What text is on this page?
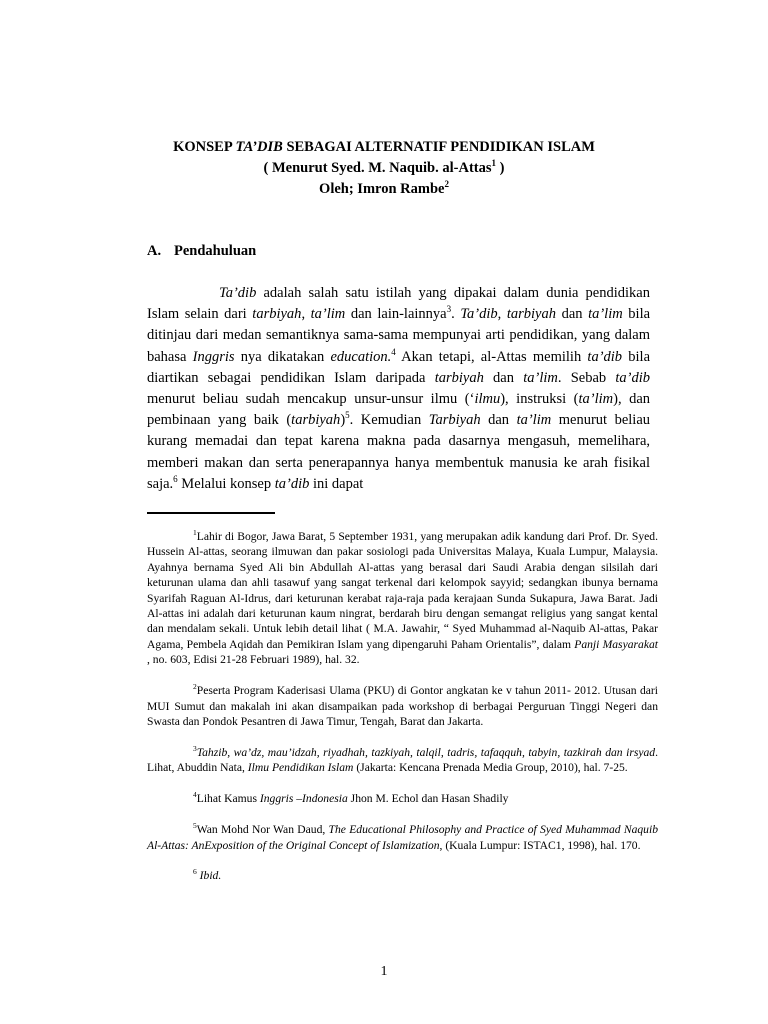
KONSEP TA’DIB SEBAGAI ALTERNATIF PENDIDIKAN ISLAM
( Menurut Syed. M. Naquib. al-Attas$^1$ )
Oleh; Imron Rambe$^2$
A. Pendahuluan

Ta’dib adalah salah satu istilah yang dipakai dalam dunia pendidikan Islam selain dari tarbiyah, ta’lim dan lain-lainnya$^3$. Ta’dib, tarbiyah dan ta’lim bila ditinjau dari medan semantiknya sama-sama mempunyai arti pendidikan, yang dalam bahasa Inggris nya dikatakan education.$^4$ Akan tetapi, al-Attas memilih ta’dib bila diartikan sebagai pendidikan Islam daripada tarbiyah dan ta’lim. Sebab ta’dib menurut beliau sudah mencakup unsur-unsur ilmu (‘ilmu), instruksi (ta’lim), dan pembinaan yang baik (tarbiyah)$^5$. Kemudian Tarbiyah dan ta’lim menurut beliau kurang memadai dan tepat karena makna pada dasarnya mengasuh, memelihara, memberi makan dan serta penerapannya hanya membentuk manusia ke arah fisikal saja.$^6$ Melalui konsep ta’dib ini dapat

$^1$Lahir di Bogor, Jawa Barat, 5 September 1931, yang merupakan adik kandung dari Prof. Dr. Syed. Hussein Al-attas, seorang ilmuwan dan pakar sosiologi pada Universitas Malaya, Kuala Lumpur, Malaysia. Ayahnya bernama Syed Ali bin Abdullah Al-attas yang berasal dari Saudi Arabia dengan silsilah dari keturunan ulama dan ahli tasawuf yang sangat terkenal dari kelompok sayyid; sedangkan ibunya bernama Syarifah Raguan Al-Idrus, dari keturunan kerabat raja-raja pada kerajaan Sunda Sukapura, Jawa Barat. Jadi Al-attas ini adalah dari keturunan kaum ningrat, berdarah biru dengan semangat religius yang sangat kental dan mendalam sekali. Untuk lebih detail lihat ( M.A. Jawahir, “ Syed Muhammad al-Naquib Al-attas, Pakar Agama, Pembela Aqidah dan Pemikiran Islam yang dipengaruhi Paham Orientalis”, dalam Panji Masyarakat , no. 603, Edisi 21-28 Februari 1989), hal. 32.

$^2$Peserta Program Kaderisasi Ulama (PKU) di Gontor angkatan ke v tahun 2011- 2012. Utusan dari MUI Sumut dan makalah ini akan disampaikan pada workshop di berbagai Perguruan Tinggi Negeri dan Swasta dan Pondok Pesantren di Jawa Timur, Tengah, Barat dan Jakarta.

$^3$Tahzib, wa’dz, mau’idzah, riyadhah, tazkiyah, talqil, tadris, tafaqquh, tabyin, tazkirah dan irsyad. Lihat, Abuddin Nata, Ilmu Pendidikan Islam (Jakarta: Kencana Prenada Media Group, 2010), hal. 7-25.

$^4$Lihat Kamus Inggris –Indonesia Jhon M. Echol dan Hasan Shadily

$^5$Wan Mohd Nor Wan Daud, The Educational Philosophy and Practice of Syed Muhammad Naquib Al-Attas: AnExposition of the Original Concept of Islamization, (Kuala Lumpur: ISTAC1, 1998), hal. 170.

$^6$ Ibid.

1
